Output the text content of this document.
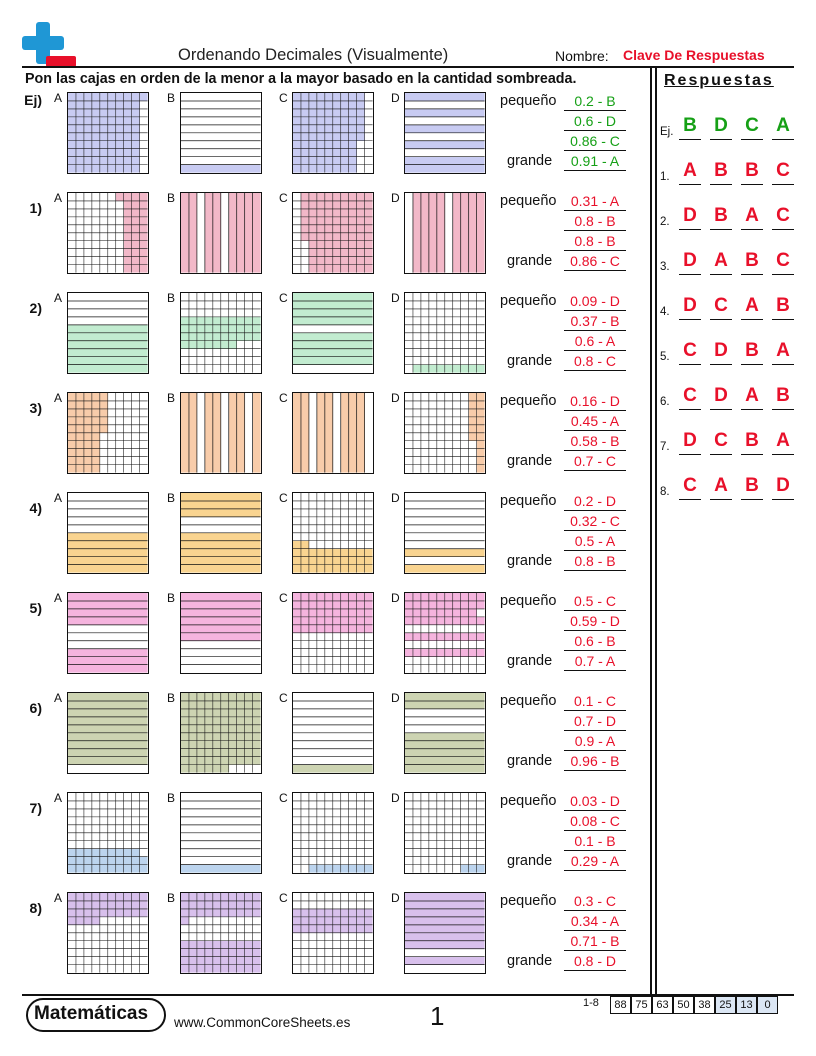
Ordenando Decimales (Visualmente)	Nombre: Clave De Respuestas
Pon las cajas en orden de la menor a la mayor basado en la cantidad sombreada.	Respuestas
Ej) A	B	C	D	0.2 - B
0.6 - D
0.86 - C
0.91 - A
pequeño
grande
1)
A	B	C	D	0.31 - A
0.8 - B
0.8 - B
0.86 - C
pequeño
grande
2)
A	B	C	D	0.09 - D
0.37 - B
0.6 - A
0.8 - C
pequeño
grande
3)
A	B	C	D	0.16 - D
0.45 - A
0.58 - B
0.7 - C
pequeño
grande
4)
A	B	C	D	0.2 - D
0.32 - C
0.5 - A
0.8 - B
pequeño
grande
5)
A	B	C	D	0.5 - C
0.59 - D
0.6 - B
0.7 - A
pequeño
grande
6)
A	B	C	D	0.1 - C
0.7 - D
0.9 - A
0.96 - B
pequeño
grande
7)
A	B	C	D	0.03 - D
0.08 - C
0.1 - B
0.29 - A
pequeño
grande
8)
A	B	C	D	0.3 - C
0.34 - A
0.71 - B
0.8 - D
pequeño
grande
Ej. B D C A
1. A B B C
2. D B A C
3. D A B C
4. D C A B
5. C D B A
6. C D A B
7. D C B A
8. C A B D
Matemáticas www.CommonCoreSheets.es	1	1-8	88 75 63 50 38 25 13	0
